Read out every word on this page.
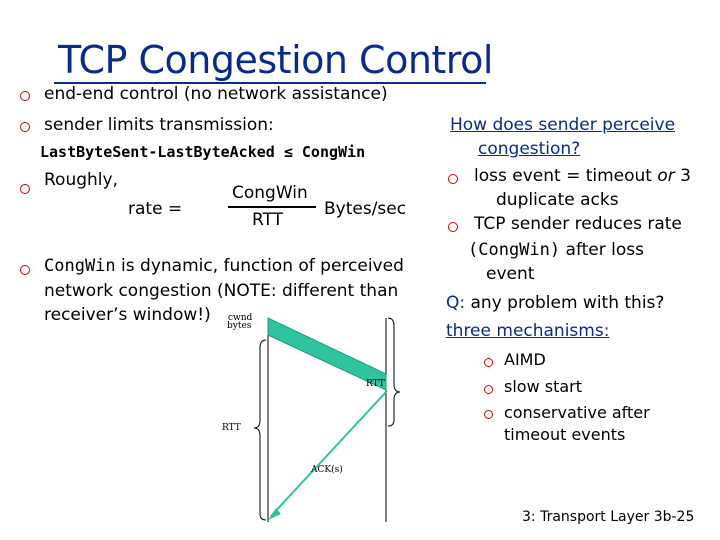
TCP Congestion Control
end-end control (no network assistance)
sender limits transmission:
LastByteSent-LastByteAcked ≤ CongWin
Roughly,
rate =
CongWin
RTT
Bytes/sec
CongWin is dynamic, function of perceived
network congestion (NOTE: different than
receiver’s window!)
How does sender perceive
congestion?
loss event = timeout or 3
duplicate acks
TCP sender reduces rate
(CongWin) after loss
event
Q: any problem with this?
three mechanisms:
AIMD
slow start
conservative after
timeout events
cwnd
bytes
RTT
RTT
ACK(s)
3: Transport Layer 3b-25
